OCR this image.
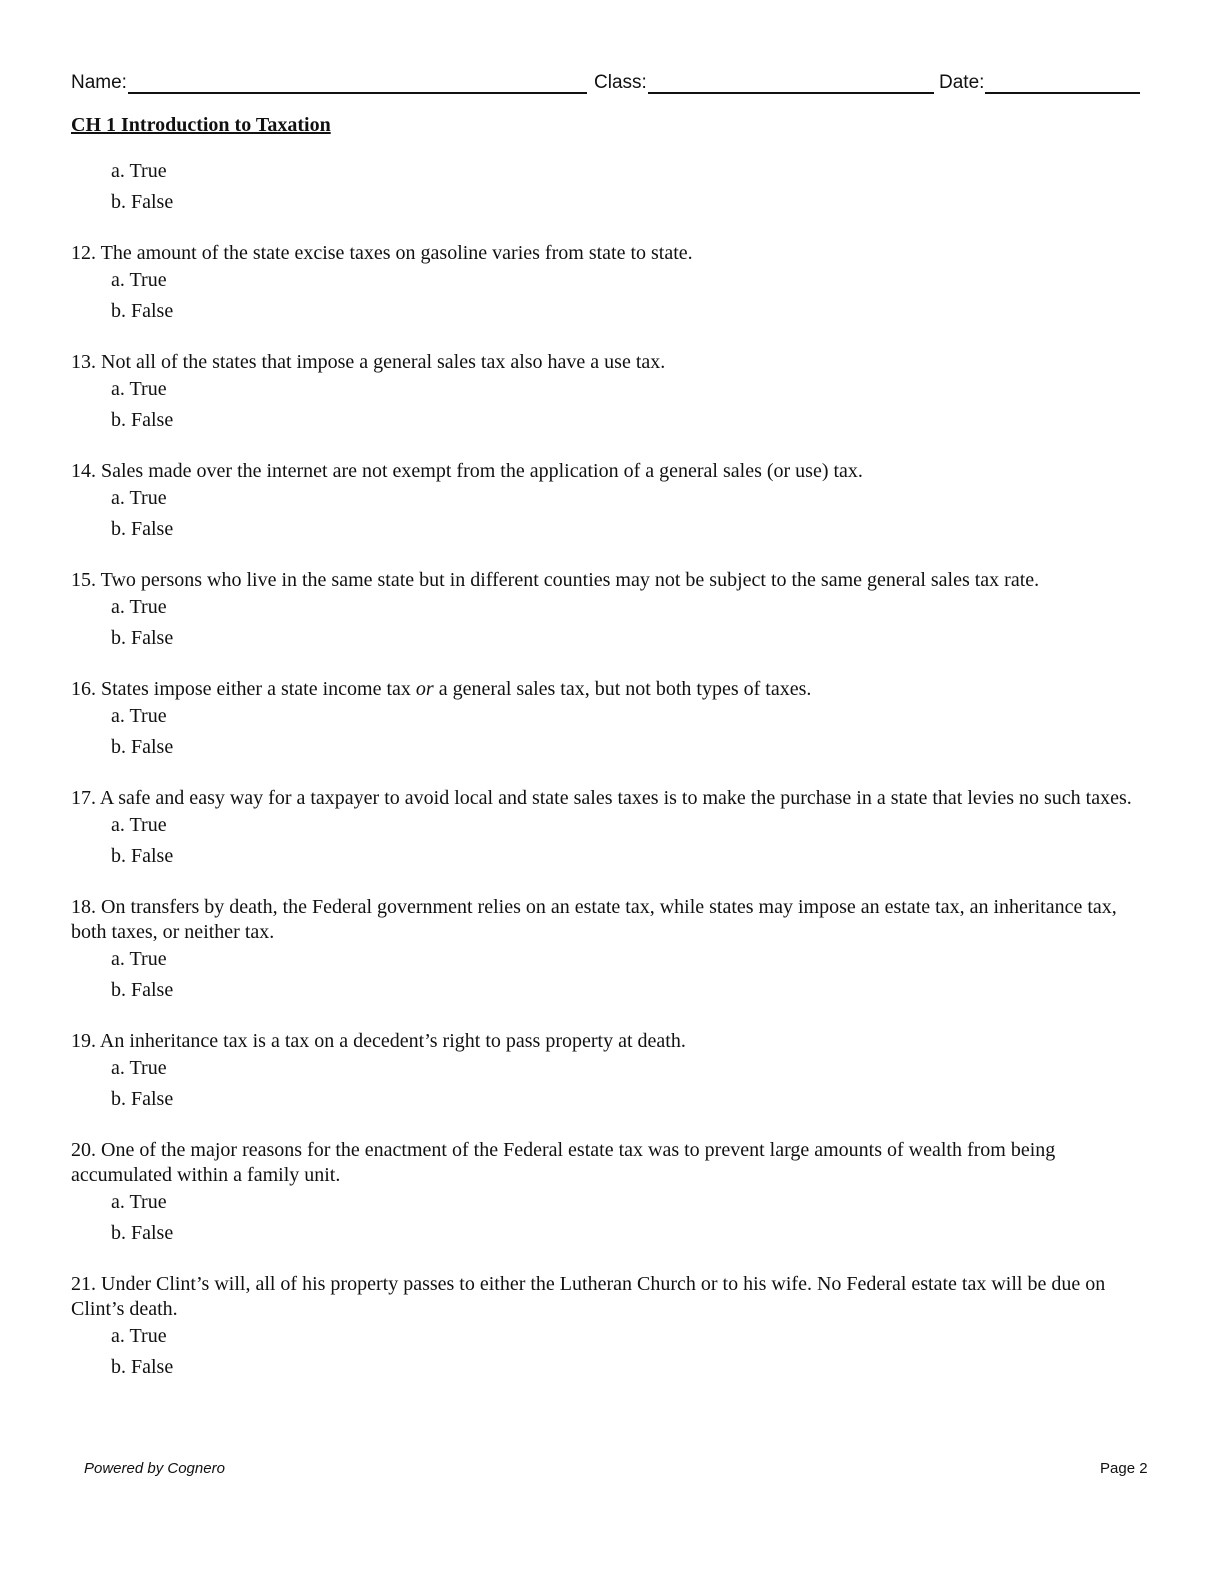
Name:	Class:	Date:
CH 1 Introduction to Taxation
a. True
b. False

12. The amount of the state excise taxes on gasoline varies from state to state.

a. True
b. False

13. Not all of the states that impose a general sales tax also have a use tax.

a. True
b. False

14. Sales made over the internet are not exempt from the application of a general sales (or use) tax.

a. True
b. False

15. Two persons who live in the same state but in different counties may not be subject to the same general sales tax rate.

a. True
b. False

16. States impose either a state income tax or a general sales tax, but not both types of taxes.

a. True
b. False

17. A safe and easy way for a taxpayer to avoid local and state sales taxes is to make the purchase in a state that levies no such taxes.

a. True
b. False

18. On transfers by death, the Federal government relies on an estate tax, while states may impose an estate tax, an inheritance tax, both taxes, or neither tax.

a. True
b. False

19. An inheritance tax is a tax on a decedent’s right to pass property at death.

a. True
b. False

20. One of the major reasons for the enactment of the Federal estate tax was to prevent large amounts of wealth from being accumulated within a family unit.

a. True
b. False

21. Under Clint’s will, all of his property passes to either the Lutheran Church or to his wife. No Federal estate tax will be due on Clint’s death.

a. True
b. False
Powered by Cognero	Page 2
